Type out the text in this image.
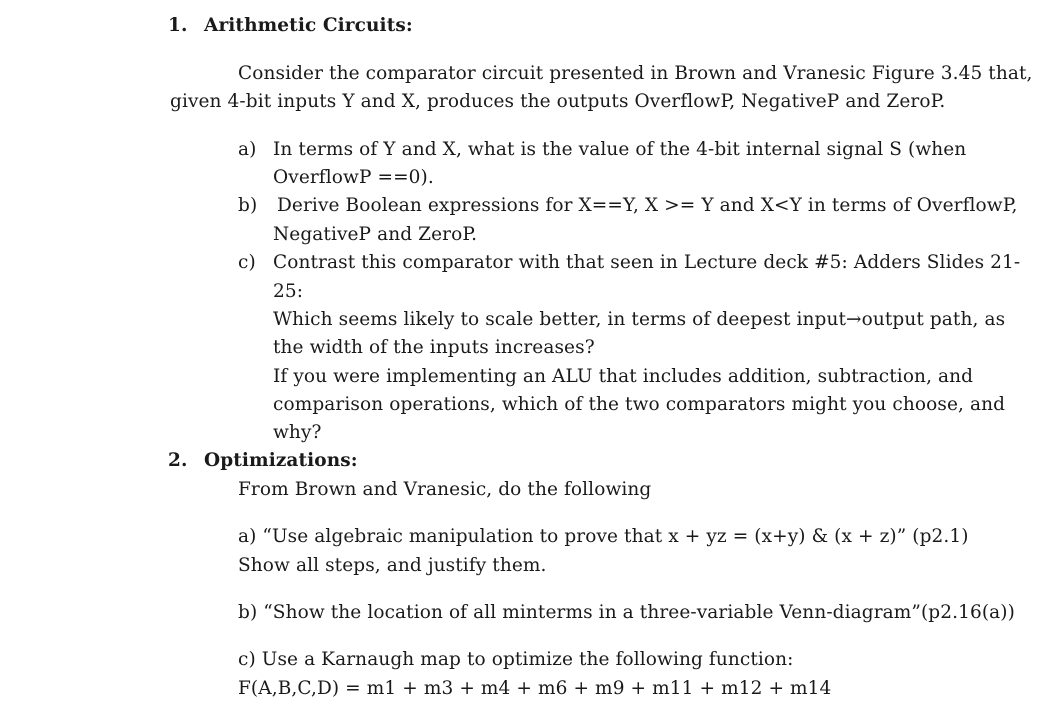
1. Arithmetic Circuits:
Consider the comparator circuit presented in Brown and Vranesic Figure 3.45 that,
given 4-bit inputs Y and X, produces the outputs OverflowP, NegativeP and ZeroP.
a) In terms of Y and X, what is the value of the 4-bit internal signal S (when
OverflowP ==0).
b) Derive Boolean expressions for X==Y, X >= Y and X<Y in terms of OverflowP,
NegativeP and ZeroP.
c) Contrast this comparator with that seen in Lecture deck #5: Adders Slides 21-
25:
Which seems likely to scale better, in terms of deepest input→output path, as
the width of the inputs increases?
If you were implementing an ALU that includes addition, subtraction, and
comparison operations, which of the two comparators might you choose, and
why?
2. Optimizations:
From Brown and Vranesic, do the following
a) “Use algebraic manipulation to prove that x + yz = (x+y) & (x + z)” (p2.1)
Show all steps, and justify them.
b) “Show the location of all minterms in a three-variable Venn-diagram”(p2.16(a))
c) Use a Karnaugh map to optimize the following function:
F(A,B,C,D) = m1 + m3 + m4 + m6 + m9 + m11 + m12 + m14
